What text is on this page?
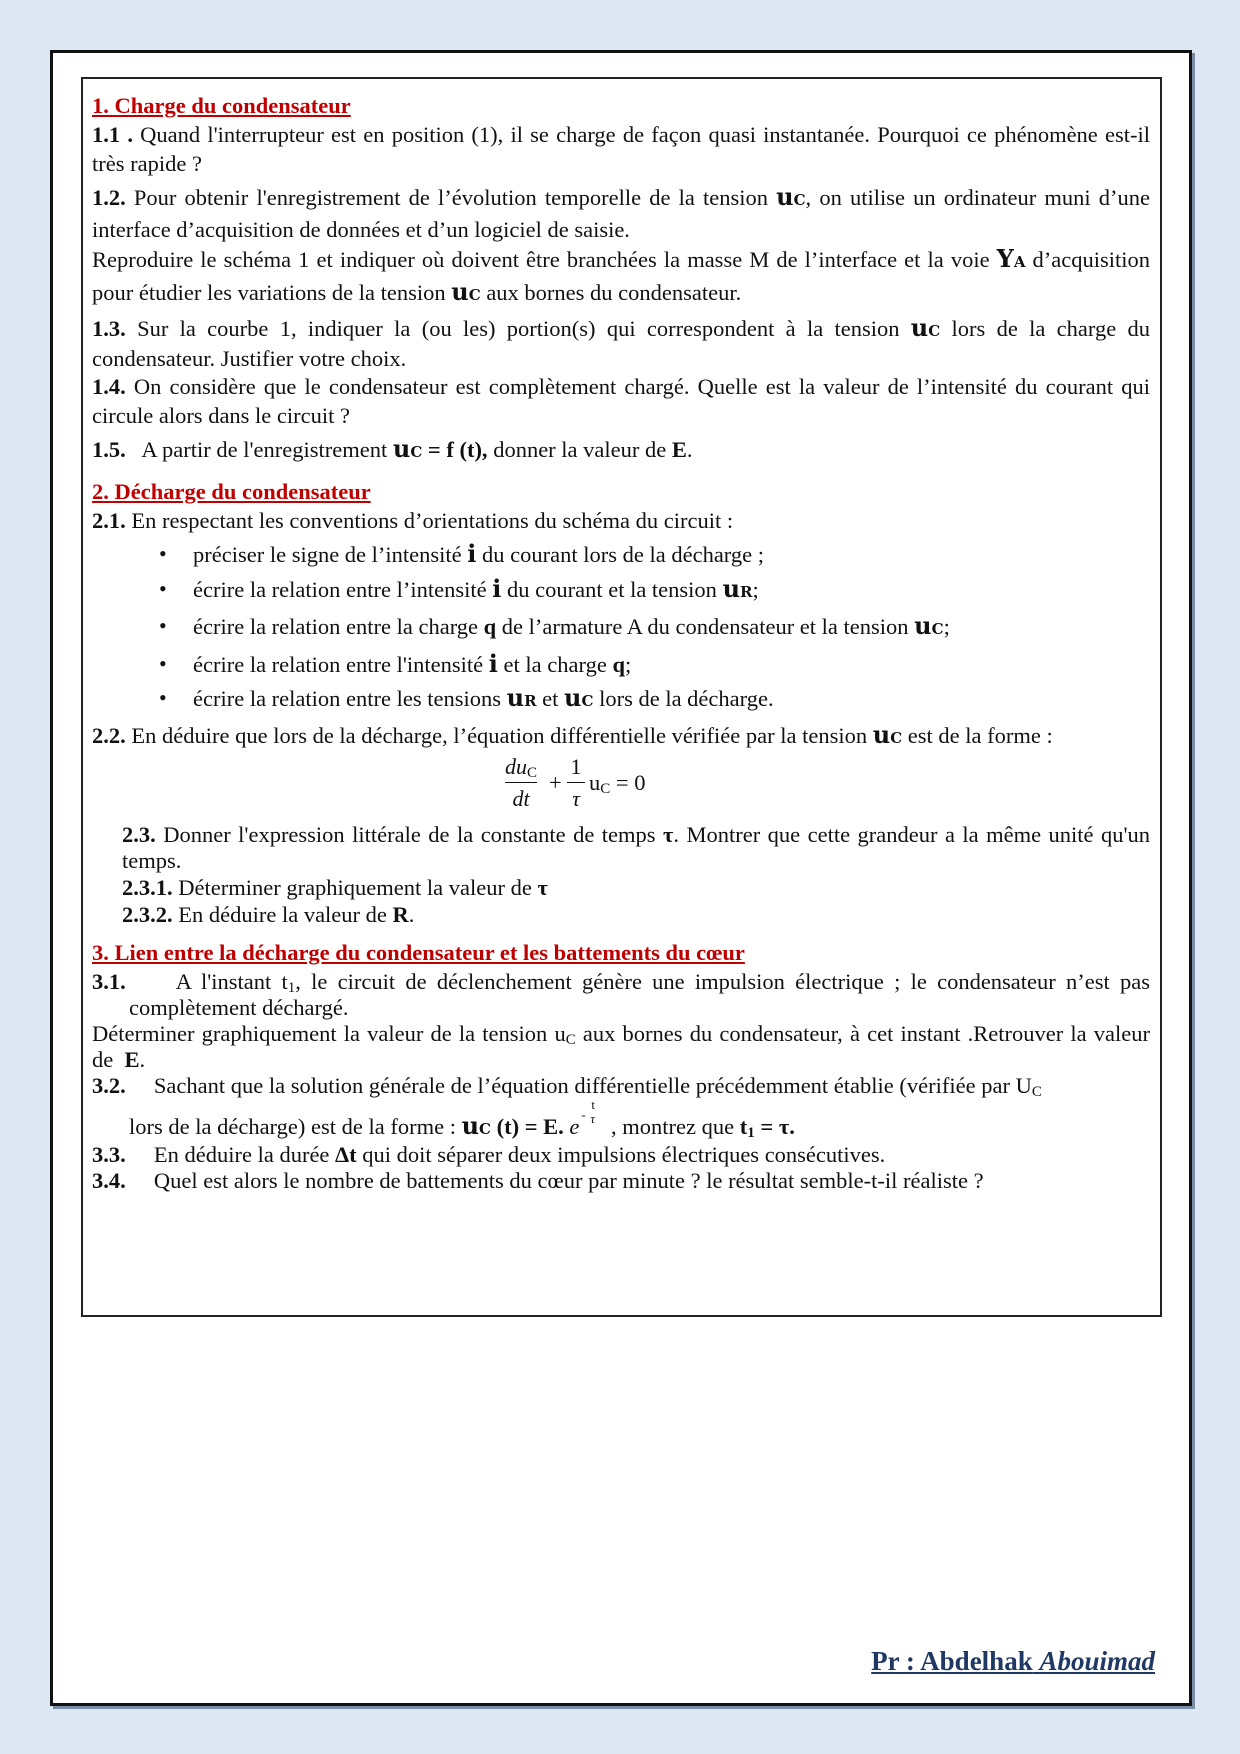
1. Charge du condensateur

1.1 . Quand l'interrupteur est en position (1), il se charge de façon quasi instantanée. Pourquoi ce phénomène est-il très rapide ?

1.2. Pour obtenir l'enregistrement de l’évolution temporelle de la tension uC, on utilise un ordinateur muni d’une interface d’acquisition de données et d’un logiciel de saisie.

Reproduire le schéma 1 et indiquer où doivent être branchées la masse M de l’interface et la voie YA d’acquisition pour étudier les variations de la tension uC aux bornes du condensateur.

1.3. Sur la courbe 1, indiquer la (ou les) portion(s) qui correspondent à la tension uC lors de la charge du condensateur. Justifier votre choix.

1.4. On considère que le condensateur est complètement chargé. Quelle est la valeur de l’intensité du courant qui circule alors dans le circuit ?

1.5. A partir de l'enregistrement uC = f (t), donner la valeur de E.

2. Décharge du condensateur

2.1. En respectant les conventions d’orientations du schéma du circuit :

• préciser le signe de l’intensité i du courant lors de la décharge ;
• écrire la relation entre l’intensité i du courant et la tension uR;
• écrire la relation entre la charge q de l’armature A du condensateur et la tension uC;
• écrire la relation entre l'intensité i et la charge q;
• écrire la relation entre les tensions uR et uC lors de la décharge.

2.2. En déduire que lors de la décharge, l’équation différentielle vérifiée par la tension uC est de la forme :

$du_C$
dt
+ $\frac{1}{\tau} u_C = 0$

2.3. Donner l'expression littérale de la constante de temps τ. Montrer que cette grandeur a la même unité qu'un temps.

2.3.1. Déterminer graphiquement la valeur de τ

2.3.2. En déduire la valeur de R.

3. Lien entre la décharge du condensateur et les battements du cœur

3.1. A l'instant $t_1$, le circuit de déclenchement génère une impulsion électrique ; le condensateur n’est pas complètement déchargé.

Déterminer graphiquement la valeur de la tension $u_C$ aux bornes du condensateur, à cet instant .Retrouver la valeur de E.

3.2. Sachant que la solution générale de l’équation différentielle précédemment établie (vérifiée par $U_C$

lors de la décharge) est de la forme : uC (t) = E. e -
t
τ , montrez que $t_1 = \tau$.

3.3. En déduire la durée Δt qui doit séparer deux impulsions électriques consécutives.

3.4. Quel est alors le nombre de battements du cœur par minute ? le résultat semble-t-il réaliste ?

Pr : Abdelhak Abouimad
